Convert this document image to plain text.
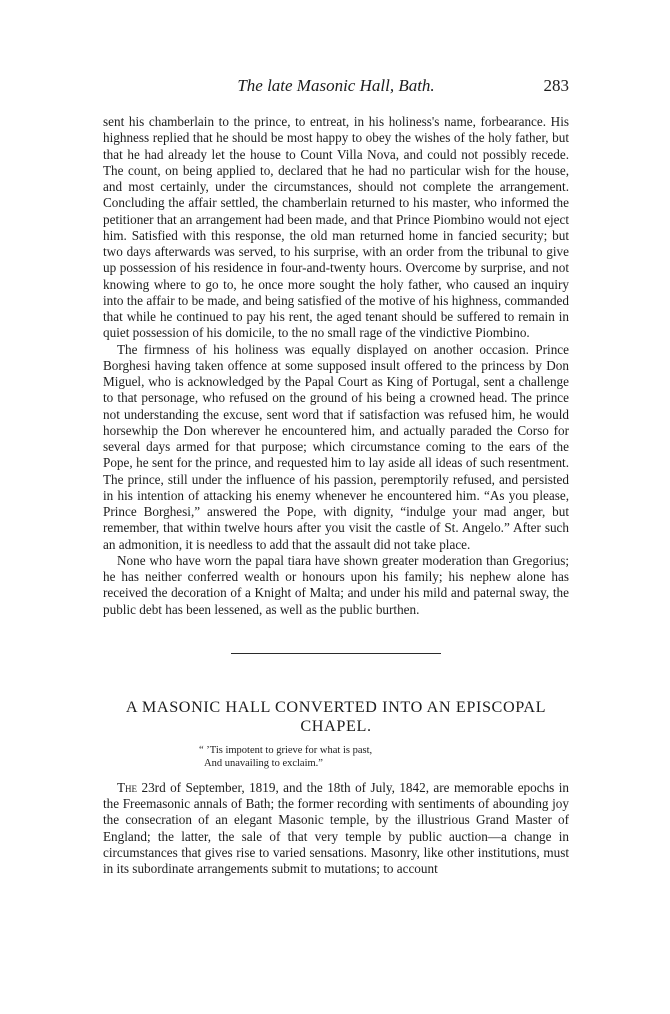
The late Masonic Hall, Bath.	283

sent his chamberlain to the prince, to entreat, in his holiness's name, forbearance. His highness replied that he should be most happy to obey the wishes of the holy father, but that he had already let the house to Count Villa Nova, and could not possibly recede. The count, on being applied to, declared that he had no particular wish for the house, and most certainly, under the circumstances, should not complete the arrangement. Concluding the affair settled, the chamberlain returned to his master, who informed the petitioner that an arrangement had been made, and that Prince Piombino would not eject him. Satisfied with this response, the old man returned home in fancied security; but two days afterwards was served, to his surprise, with an order from the tribunal to give up possession of his residence in four-and-twenty hours. Overcome by surprise, and not knowing where to go to, he once more sought the holy father, who caused an inquiry into the affair to be made, and being satisfied of the motive of his highness, commanded that while he continued to pay his rent, the aged tenant should be suffered to remain in quiet possession of his domicile, to the no small rage of the vindictive Piombino.

The firmness of his holiness was equally displayed on another occasion. Prince Borghesi having taken offence at some supposed insult offered to the princess by Don Miguel, who is acknowledged by the Papal Court as King of Portugal, sent a challenge to that personage, who refused on the ground of his being a crowned head. The prince not understanding the excuse, sent word that if satisfaction was refused him, he would horsewhip the Don wherever he encountered him, and actually paraded the Corso for several days armed for that purpose; which circumstance coming to the ears of the Pope, he sent for the prince, and requested him to lay aside all ideas of such resentment. The prince, still under the influence of his passion, peremptorily refused, and persisted in his intention of attacking his enemy whenever he encountered him. “As you please, Prince Borghesi,” answered the Pope, with dignity, “indulge your mad anger, but remember, that within twelve hours after you visit the castle of St. Angelo.” After such an admonition, it is needless to add that the assault did not take place.

None who have worn the papal tiara have shown greater moderation than Gregorius; he has neither conferred wealth or honours upon his family; his nephew alone has received the decoration of a Knight of Malta; and under his mild and paternal sway, the public debt has been lessened, as well as the public burthen.

A MASONIC HALL CONVERTED INTO AN EPISCOPAL
CHAPEL.
“ ’Tis impotent to grieve for what is past,
And unavailing to exclaim.”

The 23rd of September, 1819, and the 18th of July, 1842, are memorable epochs in the Freemasonic annals of Bath; the former recording with sentiments of abounding joy the consecration of an elegant Masonic temple, by the illustrious Grand Master of England; the latter, the sale of that very temple by public auction—a change in circumstances that gives rise to varied sensations. Masonry, like other institutions, must in its subordinate arrangements submit to mutations; to account
